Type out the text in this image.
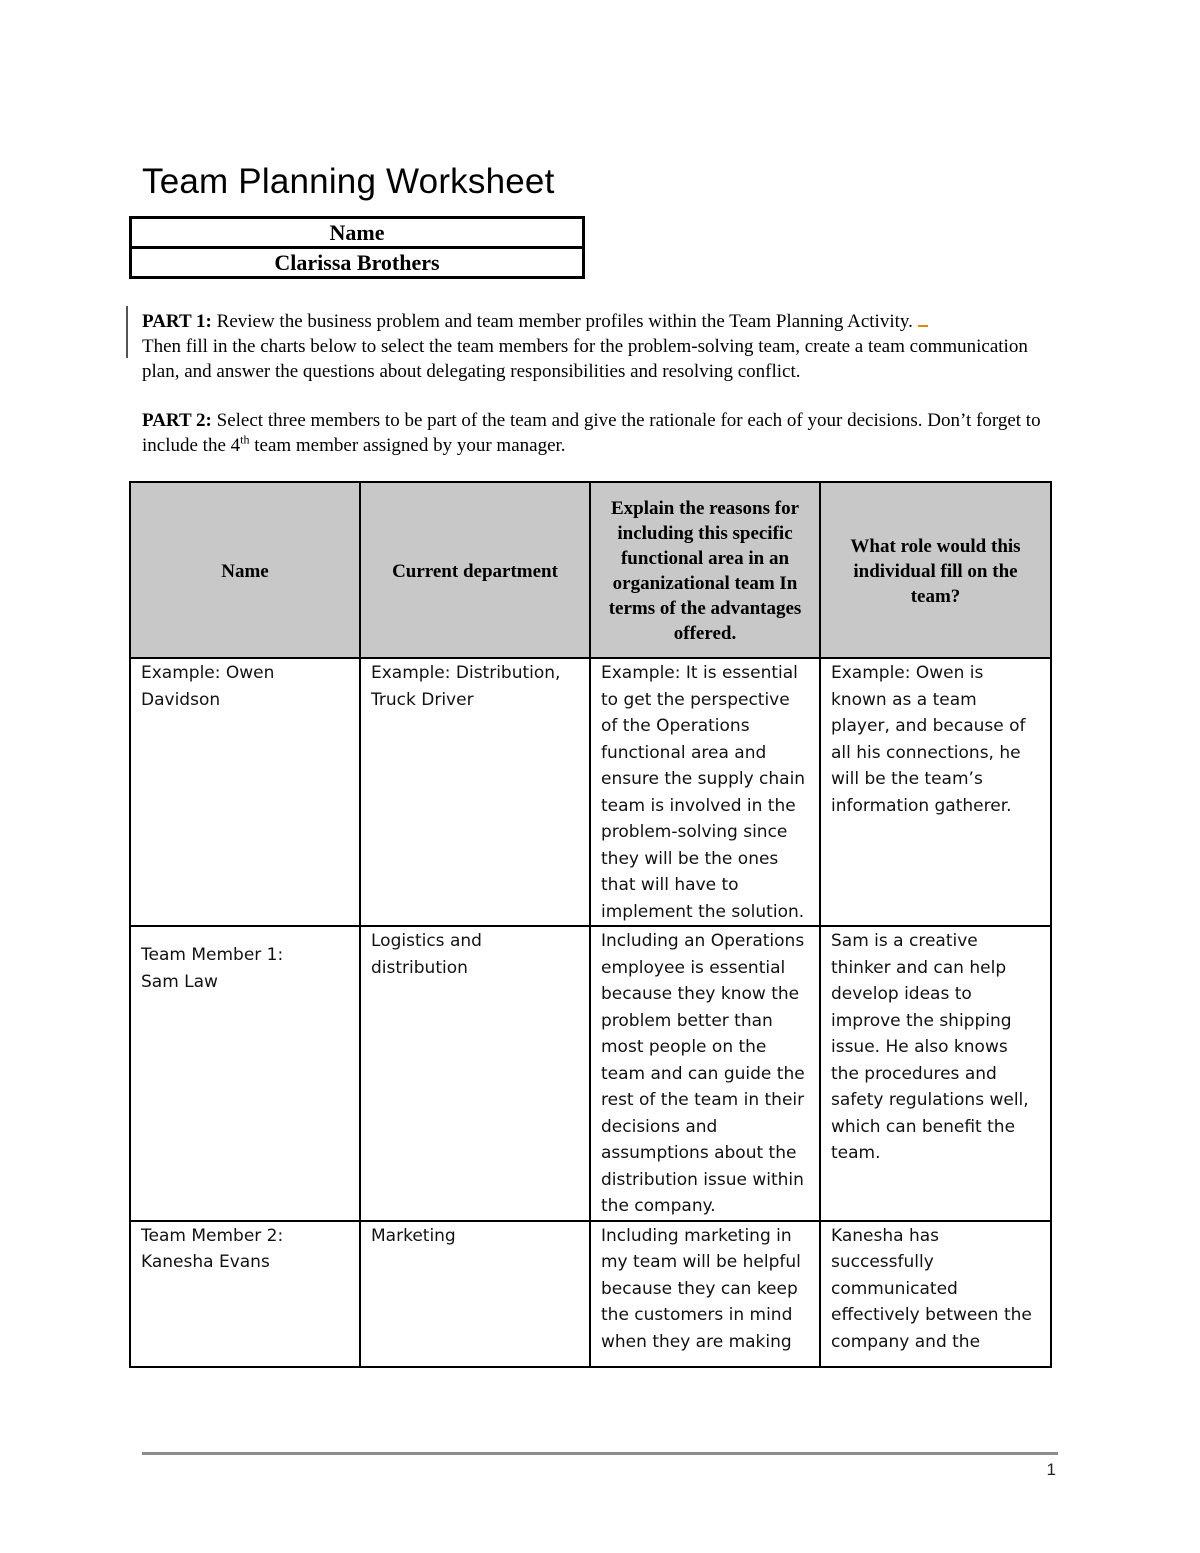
Team Planning Worksheet
Name
Clarissa Brothers

PART 1: Review the business problem and team member profiles within the Team Planning Activity.
Then fill in the charts below to select the team members for the problem-solving team, create a team communication plan, and answer the questions about delegating responsibilities and resolving conflict.

PART 2: Select three members to be part of the team and give the rationale for each of your decisions. Don’t forget to include the 4th team member assigned by your manager.

Name	Current department	Explain the reasons for including this specific functional area in an organizational team In terms of the advantages offered.	What role would this individual fill on the team?

Example: Owen Davidson	Example: Distribution, Truck Driver	Example: It is essential to get the perspective of the Operations functional area and ensure the supply chain team is involved in the problem-solving since they will be the ones that will have to implement the solution.	Example: Owen is known as a team player, and because of all his connections, he will be the team’s information gatherer.

Team Member 1:
Sam Law	Logistics and distribution	Including an Operations employee is essential because they know the problem better than most people on the team and can guide the rest of the team in their decisions and assumptions about the distribution issue within the company.	Sam is a creative thinker and can help develop ideas to improve the shipping issue. He also knows the procedures and safety regulations well, which can benefit the team.

Team Member 2:
Kanesha Evans	Marketing	Including marketing in my team will be helpful because they can keep the customers in mind when they are making	Kanesha has successfully communicated effectively between the company and the
1
